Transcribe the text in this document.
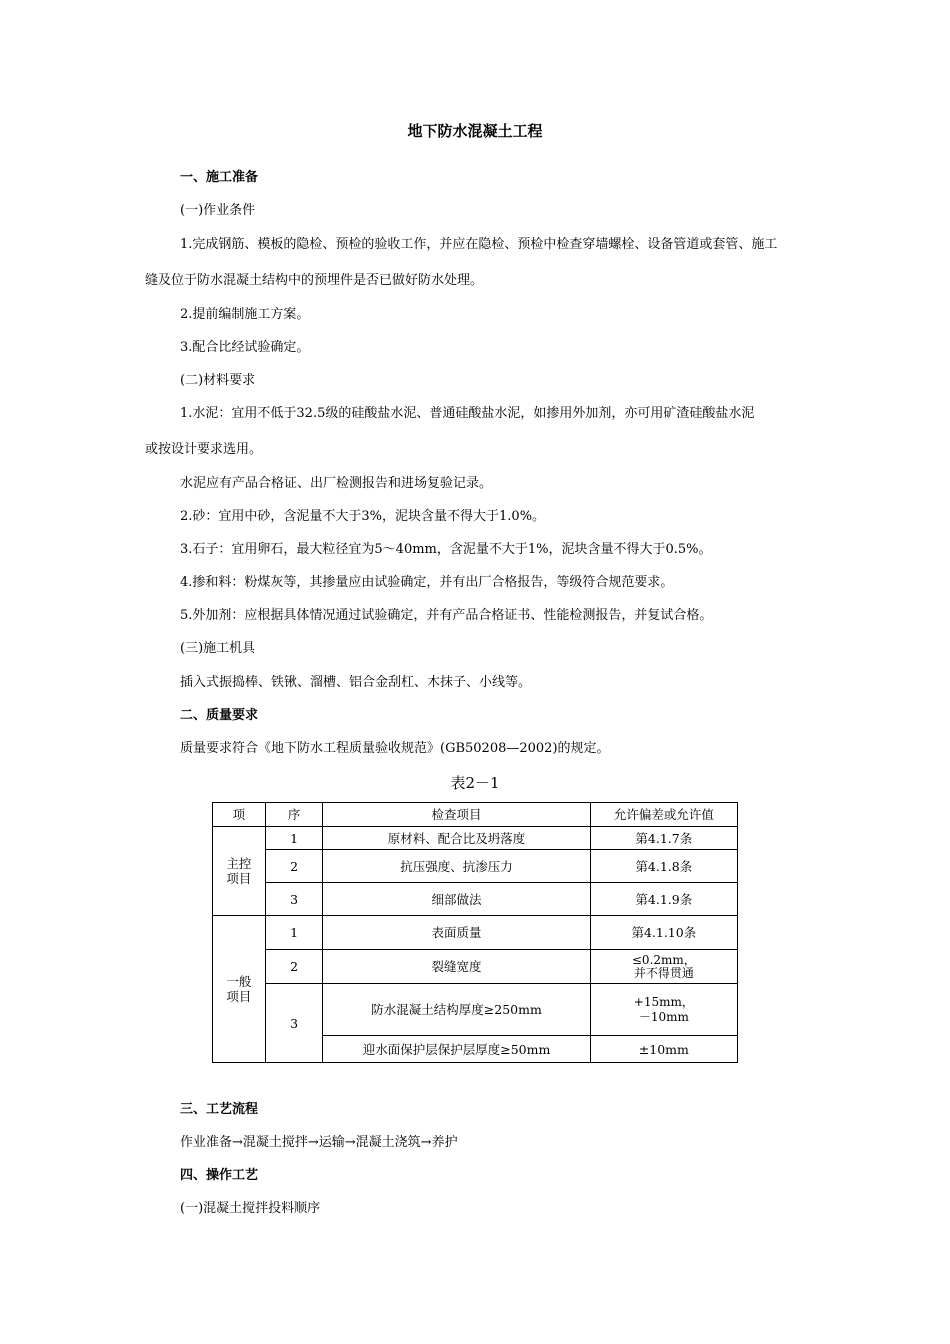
地下防水混凝土工程
一、施工准备
(一)作业条件
1.完成钢筋、模板的隐检、预检的验收工作，并应在隐检、预检中检查穿墙螺栓、设备管道或套管、施工
缝及位于防水混凝土结构中的预埋件是否已做好防水处理。
2.提前编制施工方案。
3.配合比经试验确定。
(二)材料要求
1.水泥：宜用不低于32.5级的硅酸盐水泥、普通硅酸盐水泥，如掺用外加剂，亦可用矿渣硅酸盐水泥
或按设计要求选用。
水泥应有产品合格证、出厂检测报告和进场复验记录。
2.砂：宜用中砂，含泥量不大于3%，泥块含量不得大于1.0%。
3.石子：宜用卵石，最大粒径宜为5～40mm，含泥量不大于1%，泥块含量不得大于0.5%。
4.掺和料：粉煤灰等，其掺量应由试验确定，并有出厂合格报告，等级符合规范要求。
5.外加剂：应根据具体情况通过试验确定，并有产品合格证书、性能检测报告，并复试合格。
(三)施工机具
插入式振捣棒、铁锹、溜槽、铝合金刮杠、木抹子、小线等。
二、质量要求
质量要求符合《地下防水工程质量验收规范》(GB50208—2002)的规定。
表2－1
项	序	检查项目	允许偏差或允许值
主控项目	1	原材料、配合比及坍落度	第4.1.7条
	2	抗压强度、抗渗压力	第4.1.8条
	3	细部做法	第4.1.9条
一般项目	1	表面质量	第4.1.10条
	2	裂缝宽度	≤0.2mm，
并不得贯通

	3	防水混凝土结构厚度≥250mm	+15mm，
－10mm

		迎水面保护层保护层厚度≥50mm	±10mm
三、工艺流程
作业准备→混凝土搅拌→运输→混凝土浇筑→养护
四、操作工艺
(一)混凝土搅拌投料顺序
